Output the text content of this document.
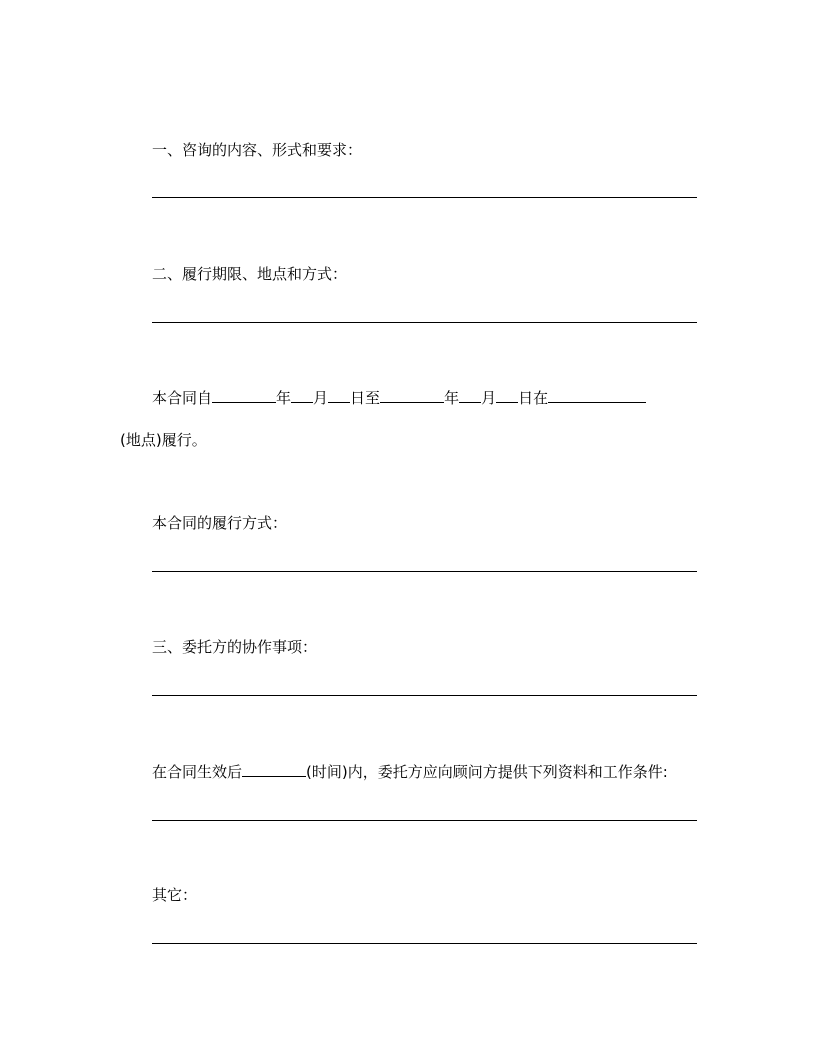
一、咨询的内容、形式和要求：
二、履行期限、地点和方式：
本合同自	年 月 日至	年 月 日在
(地点)履行。
本合同的履行方式：
三、委托方的协作事项：
在合同生效后	(时间)内，委托方应向顾问方提供下列资料和工作条件:
其它：
